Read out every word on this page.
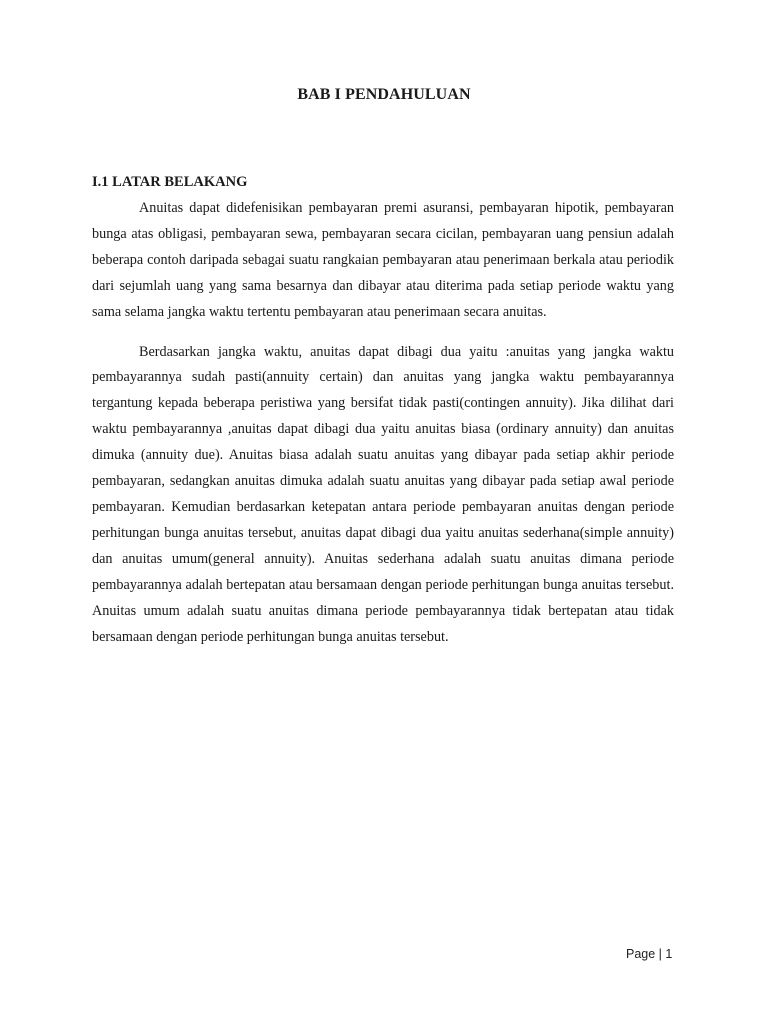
BAB I PENDAHULUAN
I.1 LATAR BELAKANG

Anuitas dapat didefenisikan pembayaran premi asuransi, pembayaran hipotik, pembayaran bunga atas obligasi, pembayaran sewa, pembayaran secara cicilan, pembayaran uang pensiun adalah beberapa contoh daripada sebagai suatu rangkaian pembayaran atau penerimaan berkala atau periodik dari sejumlah uang yang sama besarnya dan dibayar atau diterima pada setiap periode waktu yang sama selama jangka waktu tertentu pembayaran atau penerimaan secara anuitas.

Berdasarkan jangka waktu, anuitas dapat dibagi dua yaitu :anuitas yang jangka waktu pembayarannya sudah pasti(annuity certain) dan anuitas yang jangka waktu pembayarannya tergantung kepada beberapa peristiwa yang bersifat tidak pasti(contingen annuity). Jika dilihat dari waktu pembayarannya ,anuitas dapat dibagi dua yaitu anuitas biasa (ordinary annuity) dan anuitas dimuka (annuity due). Anuitas biasa adalah suatu anuitas yang dibayar pada setiap akhir periode pembayaran, sedangkan anuitas dimuka adalah suatu anuitas yang dibayar pada setiap awal periode pembayaran. Kemudian berdasarkan ketepatan antara periode pembayaran anuitas dengan periode perhitungan bunga anuitas tersebut, anuitas dapat dibagi dua yaitu anuitas sederhana(simple annuity) dan anuitas umum(general annuity). Anuitas sederhana adalah suatu anuitas dimana periode pembayarannya adalah bertepatan atau bersamaan dengan periode perhitungan bunga anuitas tersebut. Anuitas umum adalah suatu anuitas dimana periode pembayarannya tidak bertepatan atau tidak bersamaan dengan periode perhitungan bunga anuitas tersebut.

Page | 1
